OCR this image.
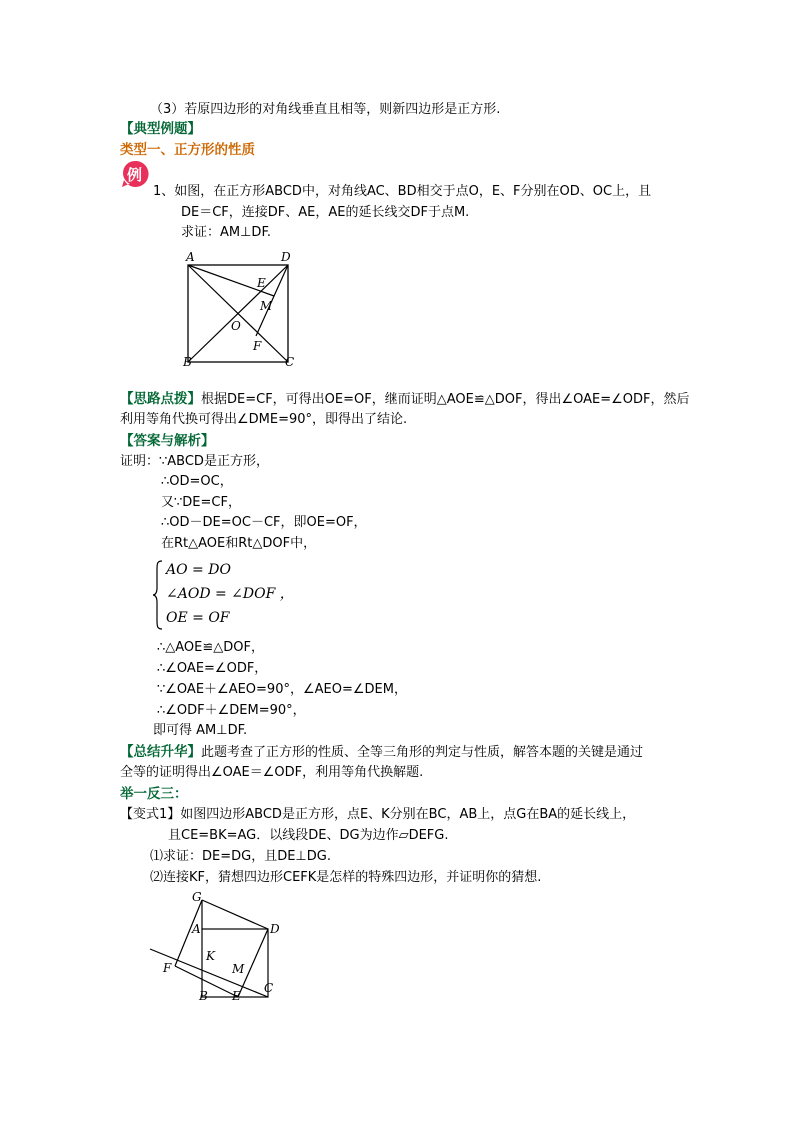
（3）若原四边形的对角线垂直且相等，则新四边形是正方形.
【典型例题】
类型一、正方形的性质
例
1、如图，在正方形ABCD中，对角线AC、BD相交于点O，E、F分别在OD、OC上，且
DE＝CF，连接DF、AE，AE的延长线交DF于点M.
求证：AM⊥DF.
A	D
E
M
O
F
B	C
【思路点拨】根据DE=CF，可得出OE=OF，继而证明△AOE≌△DOF，得出∠OAE=∠ODF，然后
利用等角代换可得出∠DME=90°，即得出了结论.
【答案与解析】
证明：∵ABCD是正方形，
∴OD=OC，
又∵DE=CF，
∴OD－DE=OC－CF，即OE=OF，
在Rt△AOE和Rt△DOF中，
AO = DO
∠AOD = ∠DOF ，
OE = OF
∴△AOE≌△DOF，
∴∠OAE=∠ODF，
∵∠OAE＋∠AEO=90°，∠AEO=∠DEM，
∴∠ODF＋∠DEM=90°，
即可得 AM⊥DF.
【总结升华】此题考查了正方形的性质、全等三角形的判定与性质，解答本题的关键是通过
全等的证明得出∠OAE＝∠ODF，利用等角代换解题.
举一反三：
【变式1】如图四边形ABCD是正方形，点E、K分别在BC，AB上，点G在BA的延长线上，
且CE=BK=AG．以线段DE、DG为边作▱DEFG.
⑴求证：DE=DG，且DE⊥DG.
⑵连接KF，猜想四边形CEFK是怎样的特殊四边形，并证明你的猜想.
G
A	D
K
F	M
B E
C
